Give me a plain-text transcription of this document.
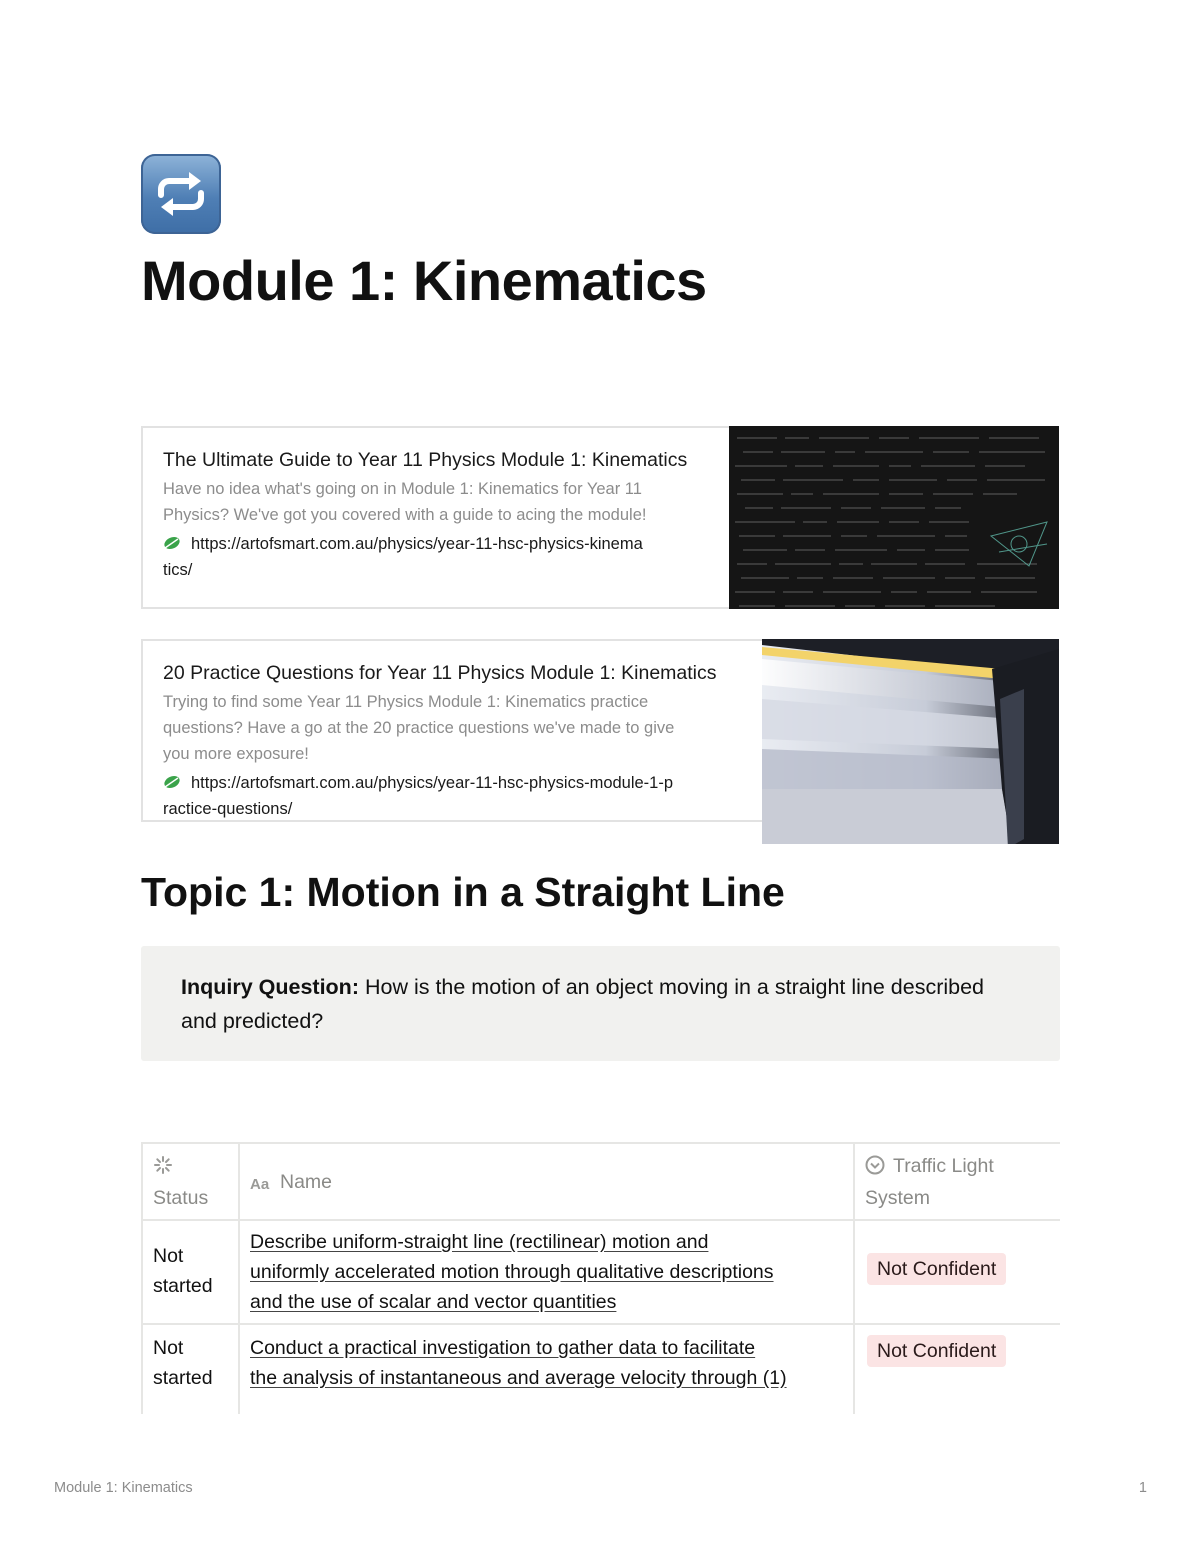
Module 1: Kinematics
The Ultimate Guide to Year 11 Physics Module 1: Kinematics
Have no idea what's going on in Module 1: Kinematics for Year 11
Physics? We've got you covered with a guide to acing the module!
https://artofsmart.com.au/physics/year-11-hsc-physics-kinema
tics/
20 Practice Questions for Year 11 Physics Module 1: Kinematics
Trying to find some Year 11 Physics Module 1: Kinematics practice
questions? Have a go at the 20 practice questions we've made to give
you more exposure!
https://artofsmart.com.au/physics/year-11-hsc-physics-module-1-p
ractice-questions/
Topic 1: Motion in a Straight Line
Inquiry Question: How is the motion of an object moving in a straight line described and predicted?

Status	Aa Name	Traffic Light
System
Not
started	Describe uniform-straight line (rectilinear) motion and
uniformly accelerated motion through qualitative descriptions
and the use of scalar and vector quantities	Not Confident
Not
started	Conduct a practical investigation to gather data to facilitate
the analysis of instantaneous and average velocity through (1)	Not Confident
Module 1: Kinematics	1
